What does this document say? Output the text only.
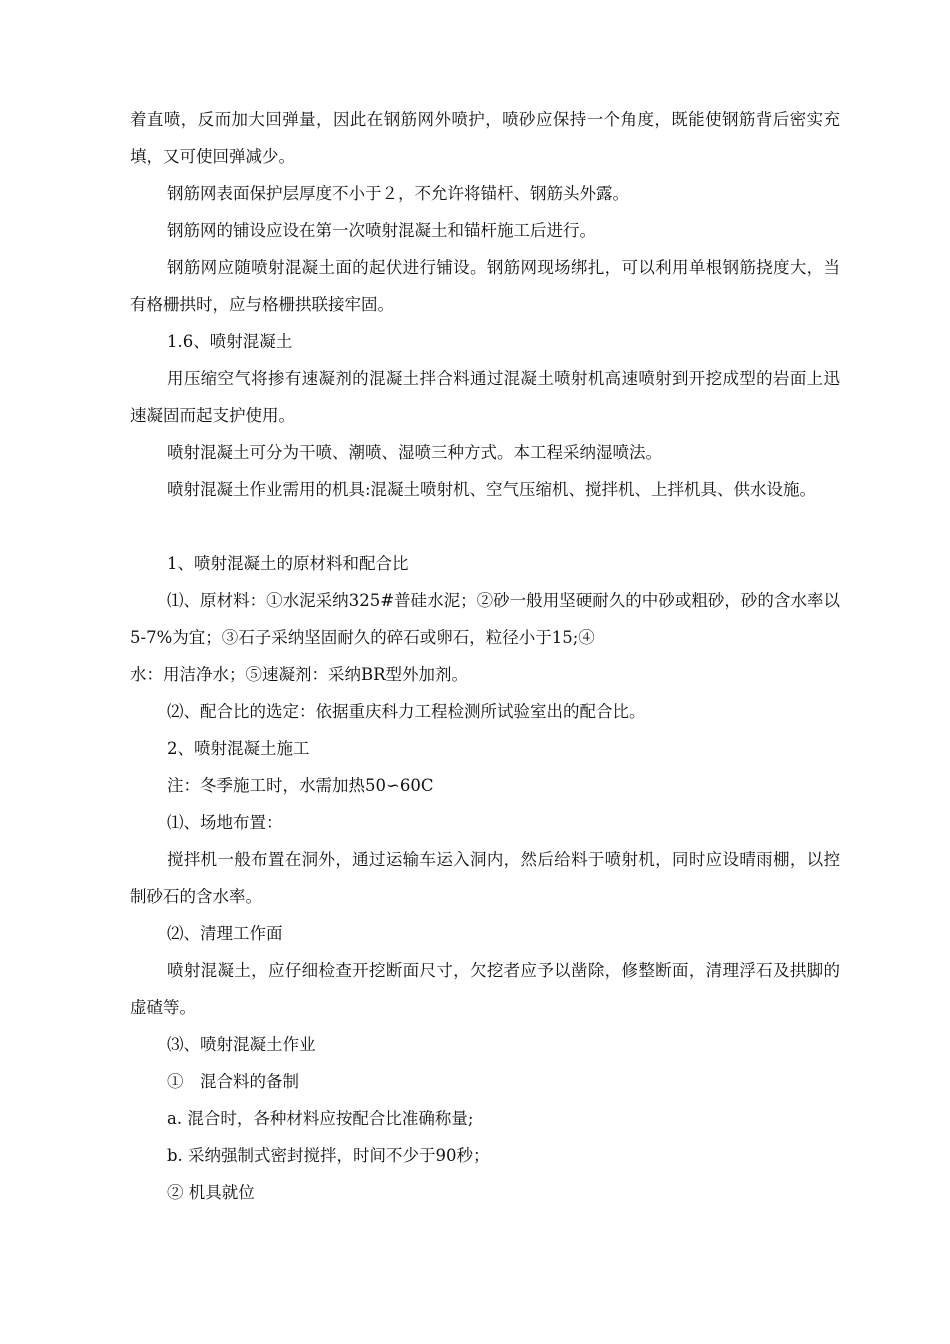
着直喷，反而加大回弹量，因此在钢筋网外喷护，喷砂应保持一个角度，既能使钢筋背后密实充填，又可使回弹减少。

钢筋网表面保护层厚度不小于２，不允许将锚杆、钢筋头外露。

钢筋网的铺设应设在第一次喷射混凝土和锚杆施工后进行。

钢筋网应随喷射混凝土面的起伏进行铺设。钢筋网现场绑扎，可以利用单根钢筋挠度大，当有格栅拱时，应与格栅拱联接牢固。

1.6、喷射混凝土

用压缩空气将掺有速凝剂的混凝土拌合料通过混凝土喷射机高速喷射到开挖成型的岩面上迅速凝固而起支护使用。

喷射混凝土可分为干喷、潮喷、湿喷三种方式。本工程采纳湿喷法。

喷射混凝土作业需用的机具:混凝土喷射机、空气压缩机、搅拌机、上拌机具、供水设施。

1、喷射混凝土的原材料和配合比

⑴、原材料：①水泥采纳325#普硅水泥；②砂一般用坚硬耐久的中砂或粗砂，砂的含水率以5-7%为宜；③石子采纳坚固耐久的碎石或卵石，粒径小于15;④

水：用洁净水；⑤速凝剂：采纳BR型外加剂。

⑵、配合比的选定：依据重庆科力工程检测所试验室出的配合比。

2、喷射混凝土施工

注：冬季施工时，水需加热50∽60C

⑴、场地布置：

搅拌机一般布置在洞外，通过运输车运入洞内，然后给料于喷射机，同时应设晴雨棚，以控制砂石的含水率。

⑵、清理工作面

喷射混凝土，应仔细检查开挖断面尺寸，欠挖者应予以凿除，修整断面，清理浮石及拱脚的虚碴等。

⑶、喷射混凝土作业

①　混合料的备制

a. 混合时，各种材料应按配合比准确称量;

b. 采纳强制式密封搅拌，时间不少于90秒；

② 机具就位
